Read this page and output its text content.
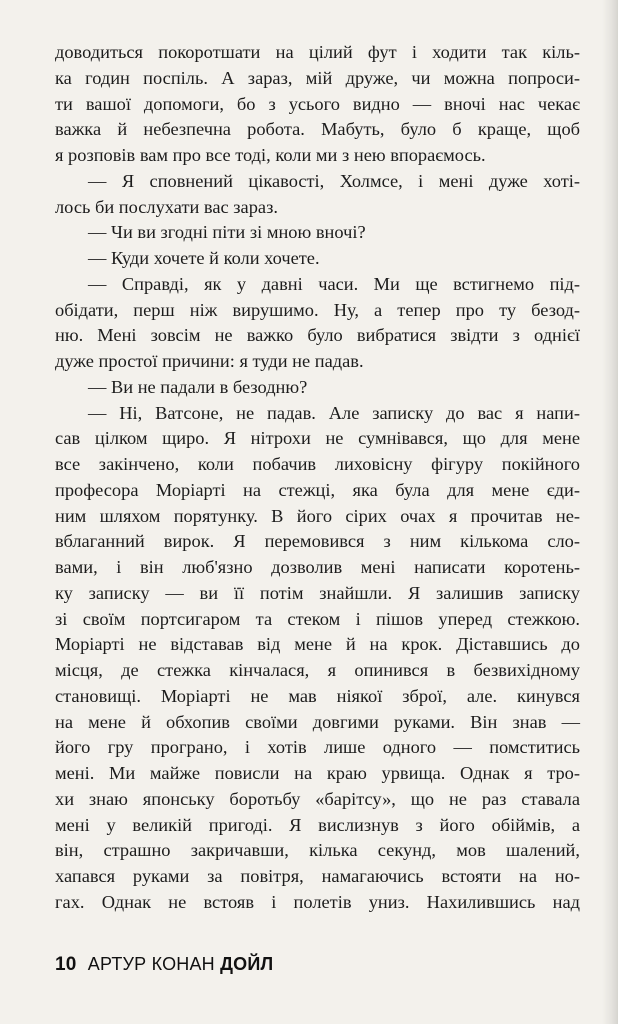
доводиться покоротшати на цілий фут і ходити так кіль-
ка годин поспіль. А зараз, мій друже, чи можна попроси-
ти вашої допомоги, бо з усього видно — вночі нас чекає
важка й небезпечна робота. Мабуть, було б краще, щоб
я розповів вам про все тоді, коли ми з нею впораємось.
— Я сповнений цікавості, Холмсе, і мені дуже хоті-
лось би послухати вас зараз.
— Чи ви згодні піти зі мною вночі?
— Куди хочете й коли хочете.
— Справді, як у давні часи. Ми ще встигнемо під-
обідати, перш ніж вирушимо. Ну, а тепер про ту безод-
ню. Мені зовсім не важко було вибратися звідти з однієї
дуже простої причини: я туди не падав.
— Ви не падали в безодню?
— Ні, Ватсоне, не падав. Але записку до вас я напи-
сав цілком щиро. Я нітрохи не сумнівався, що для мене
все закінчено, коли побачив лиховісну фігуру покійного
професора Моріарті на стежці, яка була для мене єди-
ним шляхом порятунку. В його сірих очах я прочитав не-
вблаганний вирок. Я перемовився з ним кількома сло-
вами, і він люб'язно дозволив мені написати коротень-
ку записку — ви її потім знайшли. Я залишив записку
зі своїм портсигаром та стеком і пішов уперед стежкою.
Моріарті не відставав від мене й на крок. Діставшись до
місця, де стежка кінчалася, я опинився в безвихідному
становищі. Моріарті не мав ніякої зброї, але. кинувся
на мене й обхопив своїми довгими руками. Він знав —
його гру програно, і хотів лише одного — помститись
мені. Ми майже повисли на краю урвища. Однак я тро-
хи знаю японську боротьбу «барітсу», що не раз ставала
мені у великій пригоді. Я вислизнув з його обіймів, а
він, страшно закричавши, кілька секунд, мов шалений,
хапався руками за повітря, намагаючись встояти на но-
гах. Однак не встояв і полетів униз. Нахилившись над
10 АРТУР КОНАН ДОЙЛ
